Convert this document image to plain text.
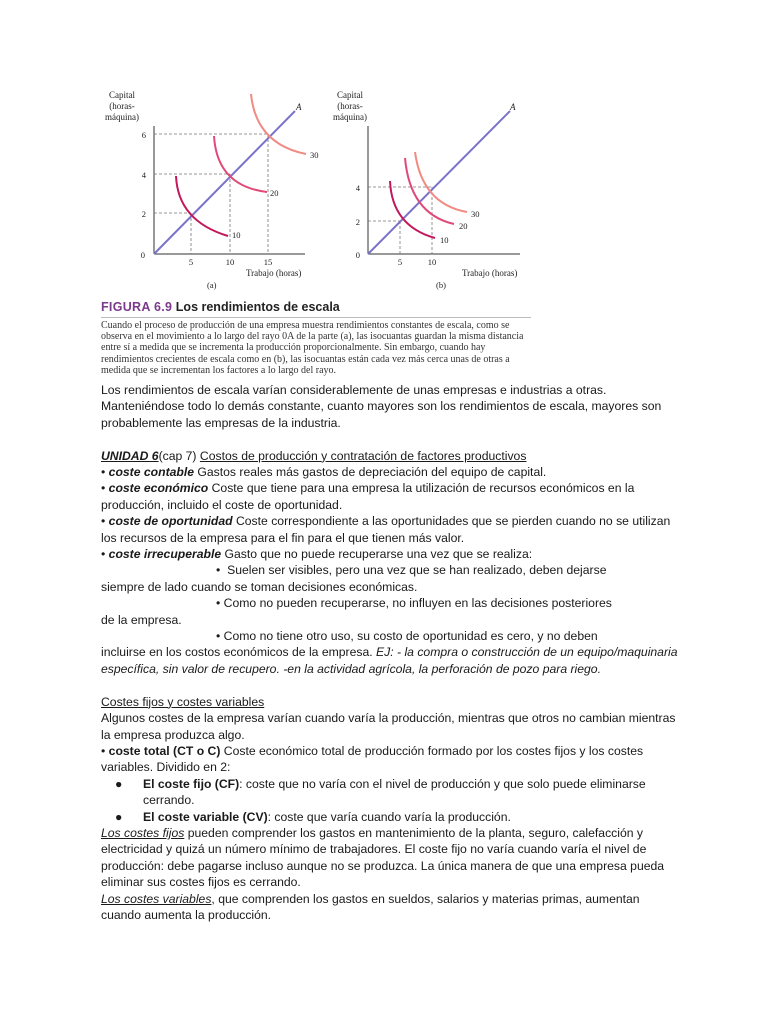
Capital
(horas-
máquina)
A
10
20
30
2
4
6
0
5	10	15
Trabajo (horas)
(a)
Capital
(horas-
máquina)
A
10
20
30
2
4
0
5	10
Trabajo (horas)
(b)
FIGURA 6.9 Los rendimientos de escala
Cuando el proceso de producción de una empresa muestra rendimientos constantes de escala, como se observa en el movimiento a lo largo del rayo 0A de la parte (a), las isocuantas guardan la misma distancia entre sí a medida que se incrementa la producción proporcionalmente. Sin embargo, cuando hay rendimientos crecientes de escala como en (b), las isocuantas están cada vez más cerca unas de otras a medida que se incrementan los factores a lo largo del rayo.

Los rendimientos de escala varían considerablemente de unas empresas e industrias a otras. Manteniéndose todo lo demás constante, cuanto mayores son los rendimientos de escala, mayores son probablemente las empresas de la industria.

UNIDAD 6(cap 7) Costos de producción y contratación de factores productivos

• coste contable Gastos reales más gastos de depreciación del equipo de capital.

• coste económico Coste que tiene para una empresa la utilización de recursos económicos en la producción, incluido el coste de oportunidad.

• coste de oportunidad Coste correspondiente a las oportunidades que se pierden cuando no se utilizan los recursos de la empresa para el fin para el que tienen más valor.

• coste irrecuperable Gasto que no puede recuperarse una vez que se realiza:

• Suelen ser visibles, pero una vez que se han realizado, deben dejarse

siempre de lado cuando se toman decisiones económicas.

• Como no pueden recuperarse, no influyen en las decisiones posteriores

de la empresa.

• Como no tiene otro uso, su costo de oportunidad es cero, y no deben

incluirse en los costos económicos de la empresa. EJ: - la compra o construcción de un equipo/maquinaria específica, sin valor de recupero. -en la actividad agrícola, la perforación de pozo para riego.

Costes fijos y costes variables

Algunos costes de la empresa varían cuando varía la producción, mientras que otros no cambian mientras la empresa produzca algo.

• coste total (CT o C) Coste económico total de producción formado por los costes fijos y los costes variables. Dividido en 2:

● El coste fijo (CF): coste que no varía con el nivel de producción y que solo puede eliminarse cerrando.

● El coste variable (CV): coste que varía cuando varía la producción.

Los costes fijos pueden comprender los gastos en mantenimiento de la planta, seguro, calefacción y electricidad y quizá un número mínimo de trabajadores. El coste fijo no varía cuando varía el nivel de producción: debe pagarse incluso aunque no se produzca. La única manera de que una empresa pueda eliminar sus costes fijos es cerrando.

Los costes variables, que comprenden los gastos en sueldos, salarios y materias primas, aumentan cuando aumenta la producción.
